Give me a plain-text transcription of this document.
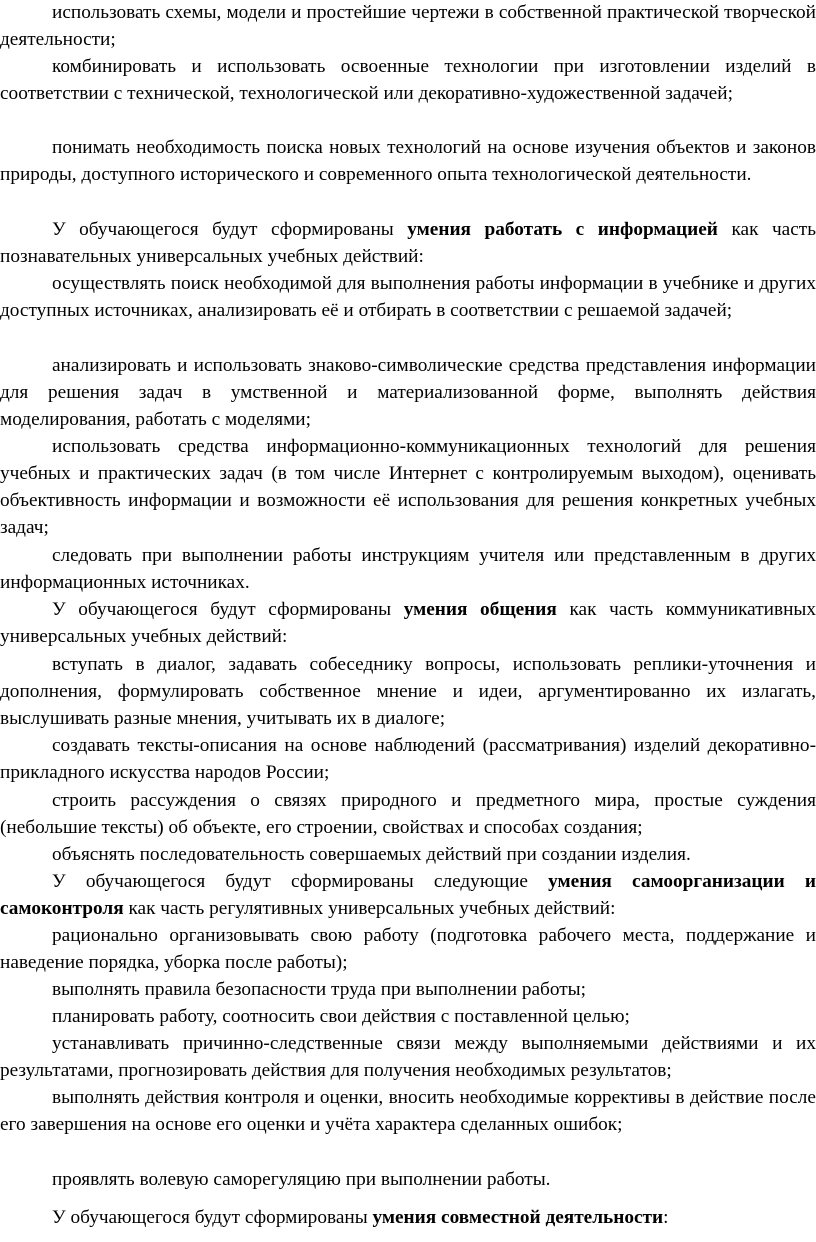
использовать схемы, модели и простейшие чертежи в собственной практической творческой деятельности;

комбинировать и использовать освоенные технологии при изготовлении изделий в соответствии с технической, технологической или декоративно-художественной задачей;

понимать необходимость поиска новых технологий на основе изучения объектов и законов природы, доступного исторического и современного опыта технологической деятельности.

У обучающегося будут сформированы умения работать с информацией как часть познавательных универсальных учебных действий:

осуществлять поиск необходимой для выполнения работы информации в учебнике и других доступных источниках, анализировать её и отбирать в соответствии с решаемой задачей;

анализировать и использовать знаково-символические средства представления информации для решения задач в умственной и материализованной форме, выполнять действия моделирования, работать с моделями;

использовать средства информационно-коммуникационных технологий для решения учебных и практических задач (в том числе Интернет с контролируемым выходом), оценивать объективность информации и возможности её использования для решения конкретных учебных задач;

следовать при выполнении работы инструкциям учителя или представленным в других информационных источниках.

У обучающегося будут сформированы умения общения как часть коммуникативных универсальных учебных действий:

вступать в диалог, задавать собеседнику вопросы, использовать реплики-уточнения и дополнения, формулировать собственное мнение и идеи, аргументированно их излагать, выслушивать разные мнения, учитывать их в диалоге;

создавать тексты-описания на основе наблюдений (рассматривания) изделий декоративно-прикладного искусства народов России;

строить рассуждения о связях природного и предметного мира, простые суждения (небольшие тексты) об объекте, его строении, свойствах и способах создания;

объяснять последовательность совершаемых действий при создании изделия.

У обучающегося будут сформированы следующие умения самоорганизации и самоконтроля как часть регулятивных универсальных учебных действий:

рационально организовывать свою работу (подготовка рабочего места, поддержание и наведение порядка, уборка после работы);

выполнять правила безопасности труда при выполнении работы;

планировать работу, соотносить свои действия с поставленной целью;

устанавливать причинно-следственные связи между выполняемыми действиями и их результатами, прогнозировать действия для получения необходимых результатов;

выполнять действия контроля и оценки, вносить необходимые коррективы в действие после его завершения на основе его оценки и учёта характера сделанных ошибок;

проявлять волевую саморегуляцию при выполнении работы.

У обучающегося будут сформированы умения совместной деятельности:
